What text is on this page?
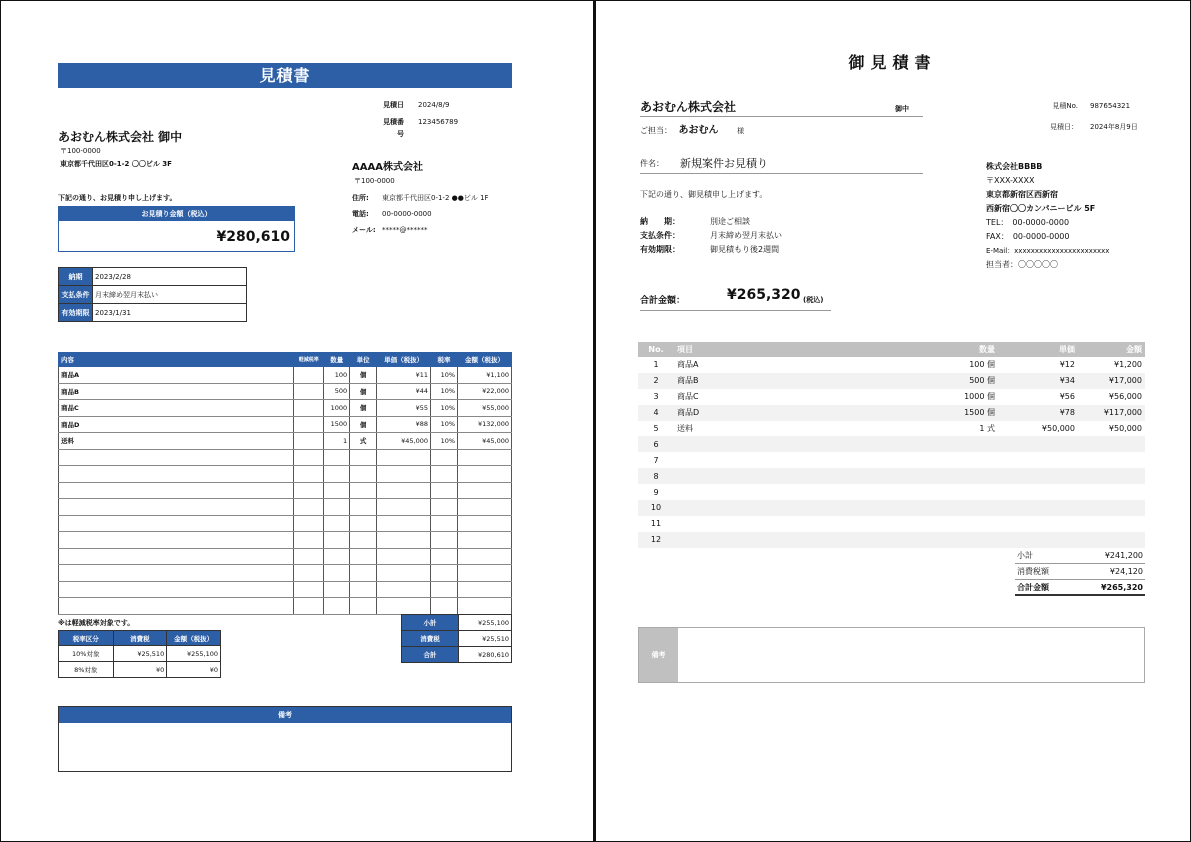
見積書
見積日	2024/8/9
見積番号
123456789
あおむん株式会社 御中
〒100-0000
東京都千代田区0-1-2 〇〇ビル 3F
下記の通り、お見積り申し上げます。
AAAA株式会社
〒100-0000
住所:	東京都千代田区0-1-2 ●●ビル 1F
電話:	00-0000-0000
メール: *****@******
お見積り金額（税込）
¥280,610
納期	2023/2/28
支払条件	月末締め翌月末払い
有効期限	2023/1/31
内容	軽減税率	数量	単位	単価（税抜）	税率	金額（税抜）
商品A		100	個	¥11	10%	¥1,100
商品B		500	個	¥44	10%	¥22,000
商品C		1000	個	¥55	10%	¥55,000
商品D		1500	個	¥88	10%	¥132,000
送料		1	式	¥45,000	10%	¥45,000

※は軽減税率対象です。
税率区分	消費税	金額（税抜）
10%対象	¥25,510	¥255,100
8%対象	¥0	¥0
小計	¥255,100
消費税	¥25,510
合計	¥280,610
備考
御見積書
あおむん株式会社	御中
ご担当： あおむん	様
見積No.	987654321
見積日：	2024年8月9日
件名： 新規案件お見積り
下記の通り、御見積申し上げます。
納　　期：	別途ご相談
支払条件：	月末締め翌月末払い
有効期限：	御見積もり後2週間
株式会社BBBB
〒XXX-XXXX
東京都新宿区西新宿
西新宿〇〇カンパニービル 5F
TEL：　00-0000-0000
FAX：　00-0000-0000
E-Mail：xxxxxxxxxxxxxxxxxxxxxxx
担当者：〇〇〇〇〇
合計金額：	¥265,320 (税込)
No.	項目	数量	単価	金額
1	商品A	100 個	¥12	¥1,200
2	商品B	500 個	¥34	¥17,000
3	商品C	1000 個	¥56	¥56,000
4	商品D	1500 個	¥78	¥117,000
5	送料	1 式	¥50,000	¥50,000
6				
7				
8				
9				
10				
11				
12				
小計	¥241,200
消費税額	¥24,120
合計金額	¥265,320
備考
